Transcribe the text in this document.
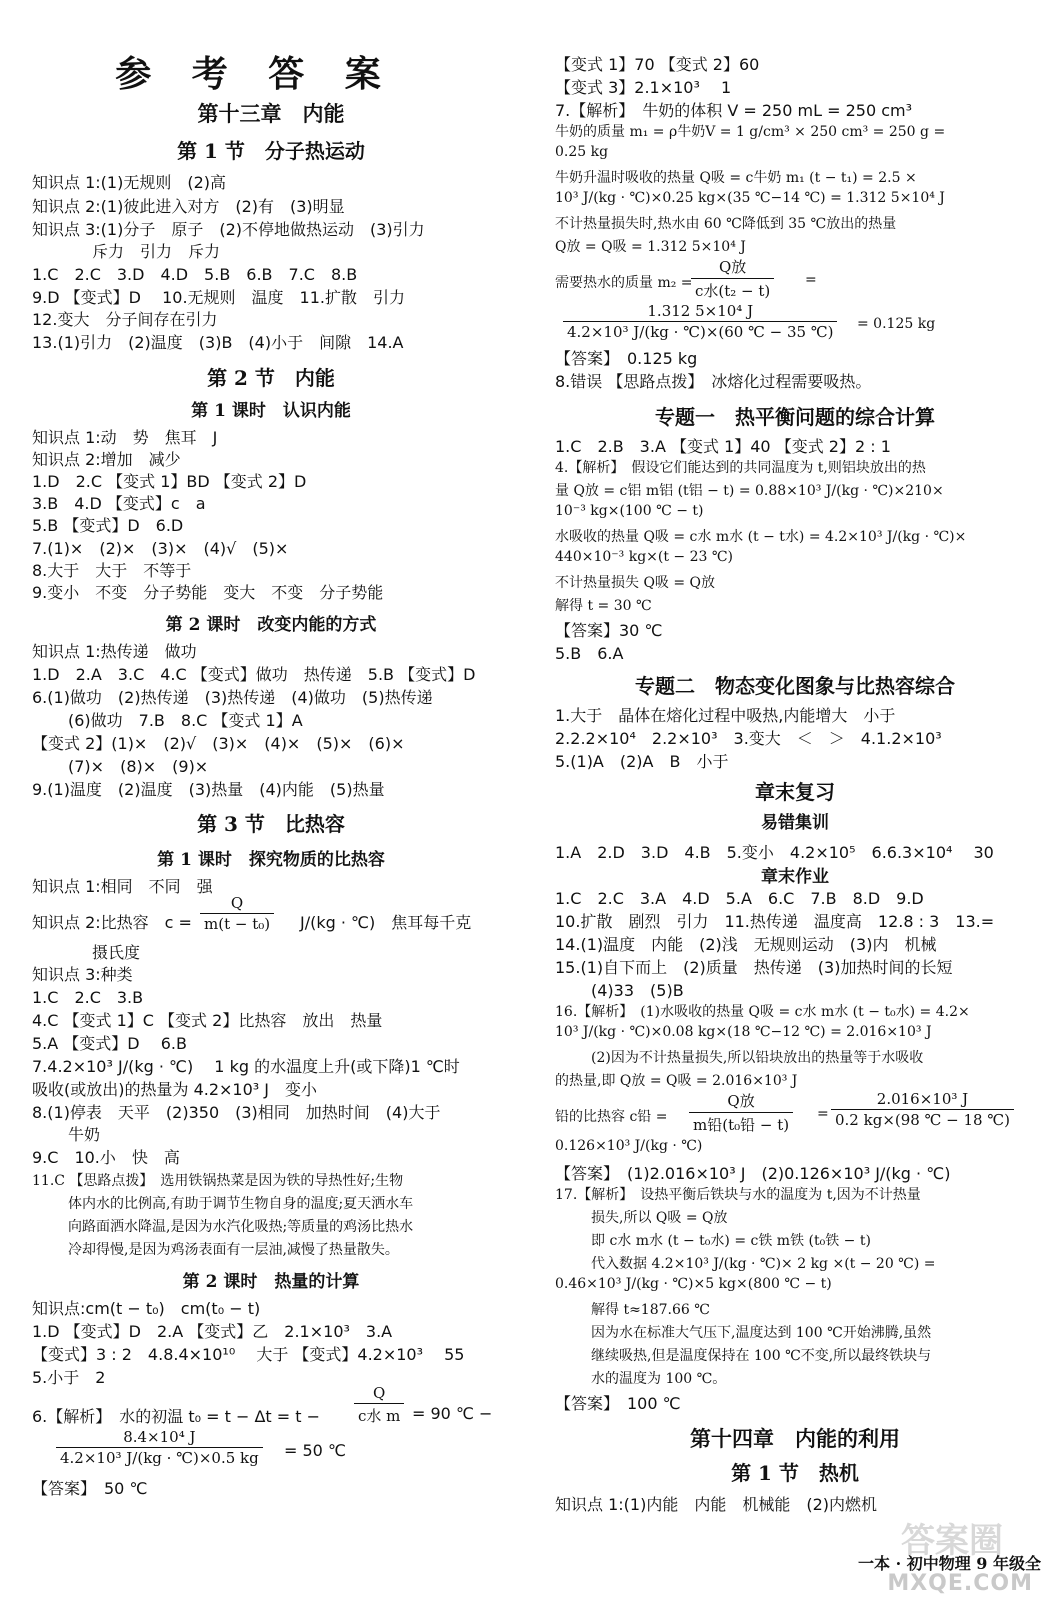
参 考 答 案
第十三章　内能
第 1 节　分子热运动
知识点 1:(1)无规则　(2)高
知识点 2:(1)彼此进入对方　(2)有　(3)明显
知识点 3:(1)分子　原子　(2)不停地做热运动　(3)引力
斥力　引力　斥力
1.C　2.C　3.D　4.D　5.B　6.B　7.C　8.B
9.D 【变式】D　 10.无规则　温度　11.扩散　引力
12.变大　分子间存在引力
13.(1)引力　(2)温度　(3)B　(4)小于　间隙　14.A
第 2 节　内能
第 1 课时　认识内能
知识点 1:动　势　焦耳　J
知识点 2:增加　减少
1.D　2.C 【变式 1】BD 【变式 2】D
3.B　4.D 【变式】c　a
5.B 【变式】D　6.D
7.(1)×　(2)×　(3)×　(4)√　(5)×
8.大于　大于　不等于
9.变小　不变　分子势能　变大　不变　分子势能
第 2 课时　改变内能的方式
知识点 1:热传递　做功
1.D　2.A　3.C　4.C 【变式】做功　热传递　5.B 【变式】D
6.(1)做功　(2)热传递　(3)热传递　(4)做功　(5)热传递
(6)做功　7.B　8.C 【变式 1】A
【变式 2】(1)×　(2)√　(3)×　(4)×　(5)×　(6)×
(7)×　(8)×　(9)×
9.(1)温度　(2)温度　(3)热量　(4)内能　(5)热量
第 3 节　比热容
第 1 课时　探究物质的比热容
知识点 1:相同　不同　强
知识点 2:比热容　$c = \frac{Q}{\text{m(t − t₀)}} J/(kg$ · ℃)　焦耳每千克
摄氏度
知识点 3:种类
1.C　2.C　3.B
4.C 【变式 1】C 【变式 2】比热容　放出　热量
5.A 【变式】D　 6.B
7.4.2×10³ J/(kg · ℃)　 1 kg 的水温度上升(或下降)1 ℃时
吸收(或放出)的热量为 4.2×10³ J　变小
8.(1)停表　天平　(2)350　(3)相同　加热时间　(4)大于
牛奶
9.C　10.小　快　高
11.C 【思路点拨】　选用铁锅热菜是因为铁的导热性好;生物
体内水的比例高,有助于调节生物自身的温度;夏天洒水车
向路面洒水降温,是因为水汽化吸热;等质量的鸡汤比热水
冷却得慢,是因为鸡汤表面有一层油,减慢了热量散失。
第 2 课时　热量的计算
知识点:cm(t − t₀)　cm(t₀ − t)
1.D 【变式】D　2.A 【变式】乙　2.1×10³　3.A
【变式】3 : 2　4.8.4×10¹⁰　 大于 【变式】4.2×10³　 55
5.小于　2
6.【解析】　水的初温 t₀ = t − Δt = t −
Q
c水 m = 90 ℃ −
$\frac{\text{8.4×10⁴ J}}{\text{4.2×10³ J/(kg · ℃)×0.5 kg}} = 50$ ℃
【答案】　50 ℃
【变式 1】70 【变式 2】60
【变式 3】2.1×10³　 1
7.【解析】　牛奶的体积 V = 250 mL = 250 cm³
牛奶的质量 m₁ = ρ牛奶V = 1 g/cm³ × 250 cm³ = 250 g =
0.25 kg
牛奶升温时吸收的热量 Q吸 = c牛奶 m₁ (t − t₁) = 2.5 ×
10³ J/(kg · ℃)×0.25 kg×(35 ℃−14 ℃) = 1.312 5×10⁴ J
不计热量损失时,热水由 60 ℃降低到 35 ℃放出的热量
Q放 = Q吸 = 1.312 5×10⁴ J
需要热水的质量 m₂ =
Q放
c水(t₂ − t)
=
$\frac{\text{1.312 5×10⁴ J}}{\text{4.2×10³ J/(kg · ℃)×(60 ℃ − 35 ℃)}} = 0.125$ kg
【答案】　0.125 kg
8.错误 【思路点拨】　冰熔化过程需要吸热。
专题一　热平衡问题的综合计算
1.C　2.B　3.A 【变式 1】40 【变式 2】2 : 1
4.【解析】　假设它们能达到的共同温度为 t,则铝块放出的热
量 Q放 = c铝 m铝 (t铝 − t) = 0.88×10³ J/(kg · ℃)×210×
10⁻³ kg×(100 ℃ − t)
水吸收的热量 Q吸 = c水 m水 (t − t水) = 4.2×10³ J/(kg · ℃)×
440×10⁻³ kg×(t − 23 ℃)
不计热量损失 Q吸 = Q放
解得 t = 30 ℃
【答案】30 ℃
5.B　6.A
专题二　物态变化图象与比热容综合
1.大于　晶体在熔化过程中吸热,内能增大　小于
2.2.2×10⁴　2.2×10³　3.变大　＜　＞　4.1.2×10³
5.(1)A　(2)A　B　小于
章末复习
易错集训
1.A　2.D　3.D　4.B　5.变小　4.2×10⁵　6.6.3×10⁴　 30
章末作业
1.C　2.C　3.A　4.D　5.A　6.C　7.B　8.D　9.D
10.扩散　剧烈　引力　11.热传递　温度高　12.8 : 3　13.=
14.(1)温度　内能　(2)浅　无规则运动　(3)内　机械
15.(1)自下而上　(2)质量　热传递　(3)加热时间的长短
(4)33　(5)B
16.【解析】　(1)水吸收的热量 Q吸 = c水 m水 (t − t₀水) = 4.2×
10³ J/(kg · ℃)×0.08 kg×(18 ℃−12 ℃) = 2.016×10³ J
(2)因为不计热量损失,所以铅块放出的热量等于水吸收
的热量,即 Q放 = Q吸 = 2.016×10³ J
铅的比热容 c铅 =
Q放
m铅(t₀铅 − t)
= $\frac{\text{2.016×10³ J}}{0.2 kg\times(98 ℃ - 18 ℃)}$
0.126×10³ J/(kg · ℃)
【答案】　(1)2.016×10³ J　(2)0.126×10³ J/(kg · ℃)
17.【解析】　设热平衡后铁块与水的温度为 t,因为不计热量
损失,所以 Q吸 = Q放
即 c水 m水 (t − t₀水) = c铁 m铁 (t₀铁 − t)
代入数据 4.2×10³ J/(kg · ℃)× 2 kg ×(t − 20 ℃) =
0.46×10³ J/(kg · ℃)×5 kg×(800 ℃ − t)
解得 t≈187.66 ℃
因为水在标准大气压下,温度达到 100 ℃开始沸腾,虽然
继续吸热,但是温度保持在 100 ℃不变,所以最终铁块与
水的温度为 100 ℃。
【答案】　100 ℃
第十四章　内能的利用
第 1 节　热机
知识点 1:(1)内能　内能　机械能　(2)内燃机
答案圈
一本 · 初中物理 9 年级全
MXQE.COM
